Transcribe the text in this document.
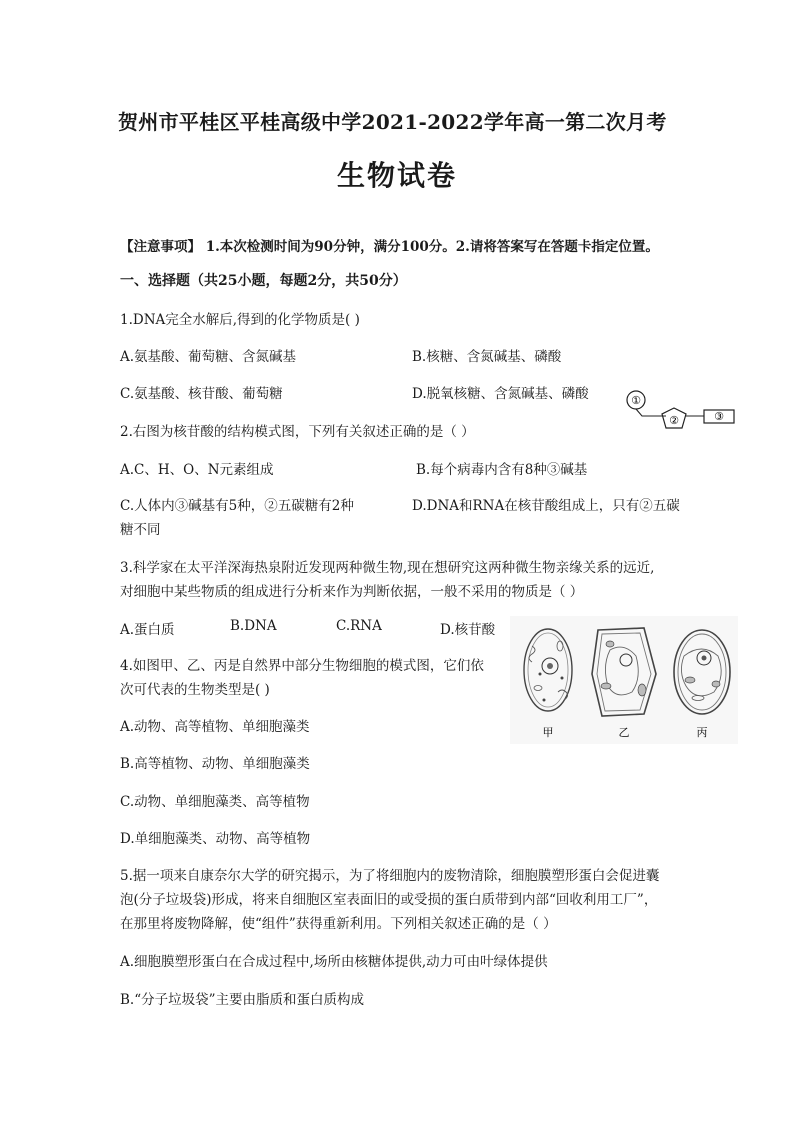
贺州市平桂区平桂高级中学2021-2022学年高一第二次月考
生物试卷
【注意事项】 1.本次检测时间为90分钟，满分100分。2.请将答案写在答题卡指定位置。
一、选择题（共25小题，每题2分，共50分）
1.DNA完全水解后,得到的化学物质是( )
A.氨基酸、葡萄糖、含氮碱基	B.核糖、含氮碱基、磷酸
C.氨基酸、核苷酸、葡萄糖	D.脱氧核糖、含氮碱基、磷酸	①
②	③
2.右图为核苷酸的结构模式图，下列有关叙述正确的是（ ）
A.C、H、O、N元素组成	B.每个病毒内含有8种③碱基
C.人体内③碱基有5种，②五碳糖有2种	D.DNA和RNA在核苷酸组成上，只有②五碳
糖不同
3.科学家在太平洋深海热泉附近发现两种微生物,现在想研究这两种微生物亲缘关系的远近,
对细胞中某些物质的组成进行分析来作为判断依据，一般不采用的物质是（ ）
A.蛋白质	B.DNA	C.RNA	D.核苷酸
甲	乙	丙
4.如图甲、乙、丙是自然界中部分生物细胞的模式图，它们依
次可代表的生物类型是( )
A.动物、高等植物、单细胞藻类
B.高等植物、动物、单细胞藻类
C.动物、单细胞藻类、高等植物
D.单细胞藻类、动物、高等植物
5.据一项来自康奈尔大学的研究揭示，为了将细胞内的废物清除，细胞膜塑形蛋白会促进囊
泡(分子垃圾袋)形成，将来自细胞区室表面旧的或受损的蛋白质带到内部“回收利用工厂”，
在那里将废物降解，使“组件”获得重新利用。下列相关叙述正确的是（ ）
A.细胞膜塑形蛋白在合成过程中,场所由核糖体提供,动力可由叶绿体提供
B.“分子垃圾袋”主要由脂质和蛋白质构成
